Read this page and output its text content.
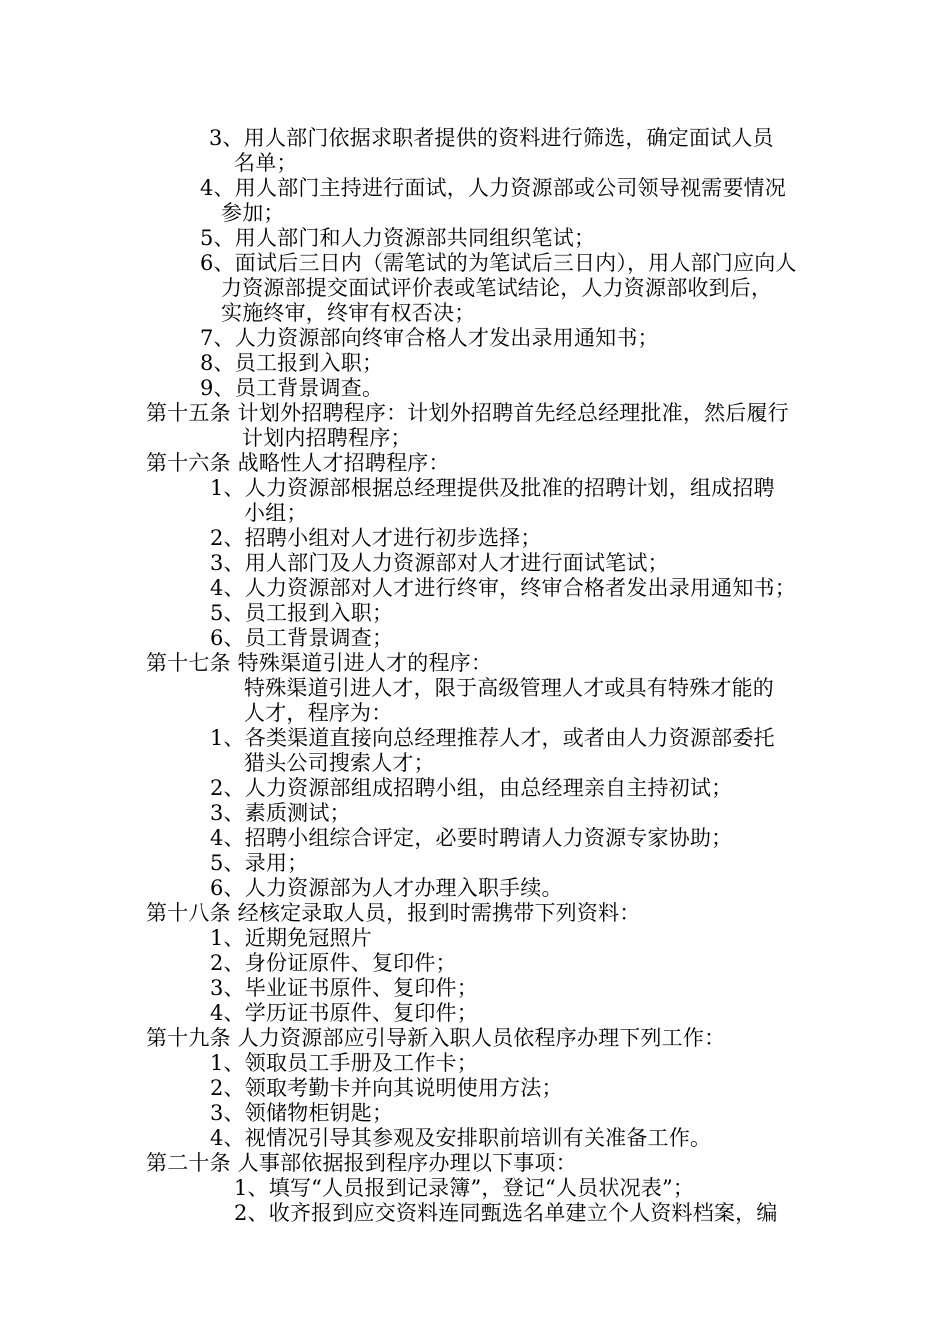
3、用人部门依据求职者提供的资料进行筛选，确定面试人员
名单；
4、用人部门主持进行面试，人力资源部或公司领导视需要情况
参加；
5、用人部门和人力资源部共同组织笔试；
6、面试后三日内（需笔试的为笔试后三日内），用人部门应向人
力资源部提交面试评价表或笔试结论，人力资源部收到后，
实施终审，终审有权否决；
7、人力资源部向终审合格人才发出录用通知书；
8、员工报到入职；
9、员工背景调查。
第十五条 计划外招聘程序：计划外招聘首先经总经理批准，然后履行
计划内招聘程序；
第十六条 战略性人才招聘程序：
1、人力资源部根据总经理提供及批准的招聘计划，组成招聘
小组；
2、招聘小组对人才进行初步选择；
3、用人部门及人力资源部对人才进行面试笔试；
4、人力资源部对人才进行终审，终审合格者发出录用通知书；
5、员工报到入职；
6、员工背景调查；
第十七条 特殊渠道引进人才的程序：
特殊渠道引进人才，限于高级管理人才或具有特殊才能的
人才，程序为：
1、各类渠道直接向总经理推荐人才，或者由人力资源部委托
猎头公司搜索人才；
2、人力资源部组成招聘小组，由总经理亲自主持初试；
3、素质测试；
4、招聘小组综合评定，必要时聘请人力资源专家协助；
5、录用；
6、人力资源部为人才办理入职手续。
第十八条 经核定录取人员，报到时需携带下列资料：
1、近期免冠照片
2、身份证原件、复印件；
3、毕业证书原件、复印件；
4、学历证书原件、复印件；
第十九条 人力资源部应引导新入职人员依程序办理下列工作：
1、领取员工手册及工作卡；
2、领取考勤卡并向其说明使用方法；
3、领储物柜钥匙；
4、视情况引导其参观及安排职前培训有关准备工作。
第二十条 人事部依据报到程序办理以下事项：
1、填写“人员报到记录簿”，登记“人员状况表”；
2、收齐报到应交资料连同甄选名单建立个人资料档案，编
